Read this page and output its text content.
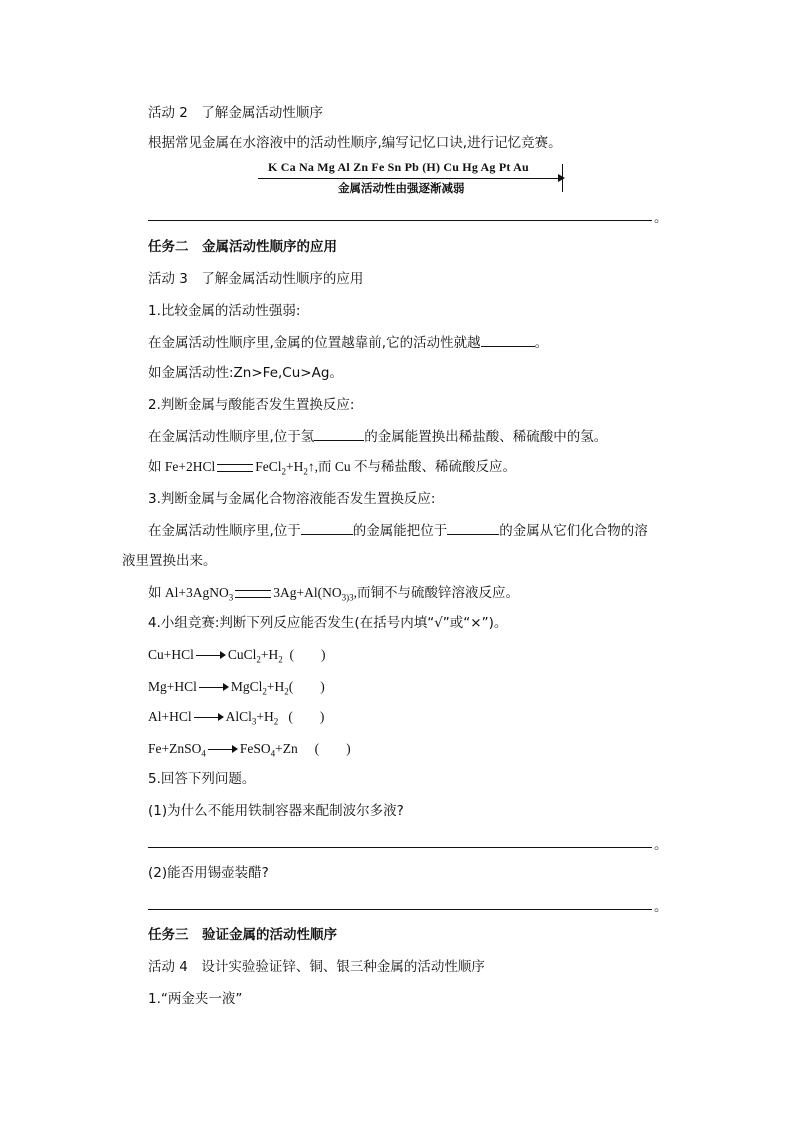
活动 2　了解金属活动性顺序
根据常见金属在水溶液中的活动性顺序,编写记忆口诀,进行记忆竞赛。
K Ca Na Mg Al Zn Fe Sn Pb (H) Cu Hg Ag Pt Au
金属活动性由强逐渐减弱
。
任务二　金属活动性顺序的应用
活动 3　了解金属活动性顺序的应用
1.比较金属的活动性强弱:
在金属活动性顺序里,金属的位置越靠前,它的活动性就越	。
如金属活动性:Zn>Fe,Cu>Ag。
2.判断金属与酸能否发生置换反应:
在金属活动性顺序里,位于氢	的金属能置换出稀盐酸、稀硫酸中的氢。
如 Fe+2HCl	$FeCl_2+H_2↑$,而 Cu 不与稀盐酸、稀硫酸反应。
3.判断金属与金属化合物溶液能否发生置换反应:
在金属活动性顺序里,位于	的金属能把位于	的金属从它们化合物的溶
液里置换出来。
如 Al+3AgNO$_3$	$3Ag+Al(NO_{3)3}$,而铜不与硫酸锌溶液反应。
4.小组竞赛:判断下列反应能否发生(在括号内填“√”或“×”)。
Cu+HCl	$CuCl_2+H_2$ (　　)
Mg+HCl	$MgCl_2+H_2$(　　)
Al+HCl	$AlCl_3+H_2$ (　　)
Fe+ZnSO$_4$	FeSO$_4$+Zn (　　)
5.回答下列问题。
(1)为什么不能用铁制容器来配制波尔多液?
。
(2)能否用锡壶装醋?
。
任务三　验证金属的活动性顺序
活动 4　设计实验验证锌、铜、银三种金属的活动性顺序
1.“两金夹一液”
